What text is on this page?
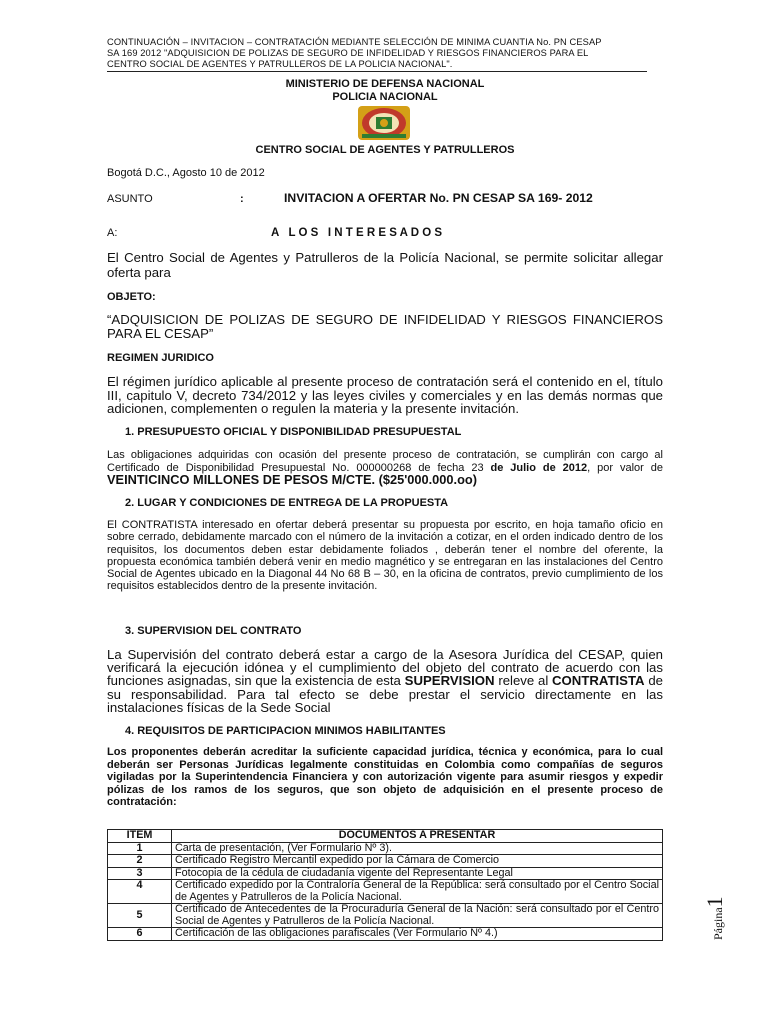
CONTINUACIÓN – INVITACION – CONTRATACIÓN MEDIANTE SELECCIÓN DE MINIMA CUANTIA No. PN CESAP
SA 169 2012 "ADQUISICION DE POLIZAS DE SEGURO DE INFIDELIDAD Y RIESGOS FINANCIEROS PARA EL
CENTRO SOCIAL DE AGENTES Y PATRULLEROS DE LA POLICIA NACIONAL".
MINISTERIO DE DEFENSA NACIONAL
POLICIA NACIONAL
CENTRO SOCIAL DE AGENTES Y PATRULLEROS
Bogotá D.C., Agosto 10 de 2012
ASUNTO	:	INVITACION A OFERTAR No. PN CESAP SA 169- 2012
A:	A   L O S   I N T E R E S A D O S
El Centro Social de Agentes y Patrulleros de la Policía Nacional, se permite solicitar allegar oferta para
OBJETO:
“ADQUISICION DE POLIZAS DE SEGURO DE INFIDELIDAD Y RIESGOS FINANCIEROS PARA EL CESAP”
REGIMEN JURIDICO
El régimen jurídico aplicable al presente proceso de contratación será el contenido en el, título III, capitulo V, decreto 734/2012 y las leyes civiles y comerciales y en las demás normas que adicionen, complementen o regulen la materia y la presente invitación.
1. PRESUPUESTO OFICIAL Y DISPONIBILIDAD PRESUPUESTAL
Las obligaciones adquiridas con ocasión del presente proceso de contratación, se cumplirán con cargo al Certificado de Disponibilidad Presupuestal No. 000000268 de fecha 23 de Julio de 2012, por valor de VEINTICINCO MILLONES DE PESOS M/CTE. ($25'000.000.oo)
2. LUGAR Y CONDICIONES DE ENTREGA DE LA PROPUESTA
El CONTRATISTA interesado en ofertar deberá presentar su propuesta por escrito, en hoja tamaño oficio en sobre cerrado, debidamente marcado con el número de la invitación a cotizar, en el orden indicado dentro de los requisitos, los documentos deben estar debidamente foliados , deberán tener el nombre del oferente, la propuesta económica también deberá venir en medio magnético y se entregaran en las instalaciones del Centro Social de Agentes ubicado en la Diagonal 44 No 68 B – 30, en la oficina de contratos, previo cumplimiento de los requisitos establecidos dentro de la presente invitación.
3. SUPERVISION DEL CONTRATO
La Supervisión del contrato deberá estar a cargo de la Asesora Jurídica del CESAP, quien verificará la ejecución idónea y el cumplimiento del objeto del contrato de acuerdo con las funciones asignadas, sin que la existencia de esta SUPERVISION releve al CONTRATISTA de su responsabilidad. Para tal efecto se debe prestar el servicio directamente en las instalaciones físicas de la Sede Social
4. REQUISITOS DE PARTICIPACION MINIMOS HABILITANTES
Los proponentes deberán acreditar la suficiente capacidad jurídica, técnica y económica, para lo cual deberán ser Personas Jurídicas legalmente constituidas en Colombia como compañías de seguros vigiladas por la Superintendencia Financiera y con autorización vigente para asumir riesgos y expedir pólizas de los ramos de los seguros, que son objeto de adquisición en el presente proceso de contratación:
ITEM	DOCUMENTOS A PRESENTAR
1	Carta de presentación, (Ver Formulario Nº 3).
2	Certificado Registro Mercantil expedido por la Cámara de Comercio
3	Fotocopia de la cédula de ciudadanía vigente del Representante Legal
4	Certificado expedido por la Contraloría General de la República: será consultado por el Centro Social de Agentes y Patrulleros de la Policía Nacional.
5	Certificado de Antecedentes de la Procuraduría General de la Nación: será consultado por el Centro Social de Agentes y Patrulleros de la Policía Nacional.
6	Certificación de las obligaciones parafiscales (Ver Formulario Nº 4.)	Página1
